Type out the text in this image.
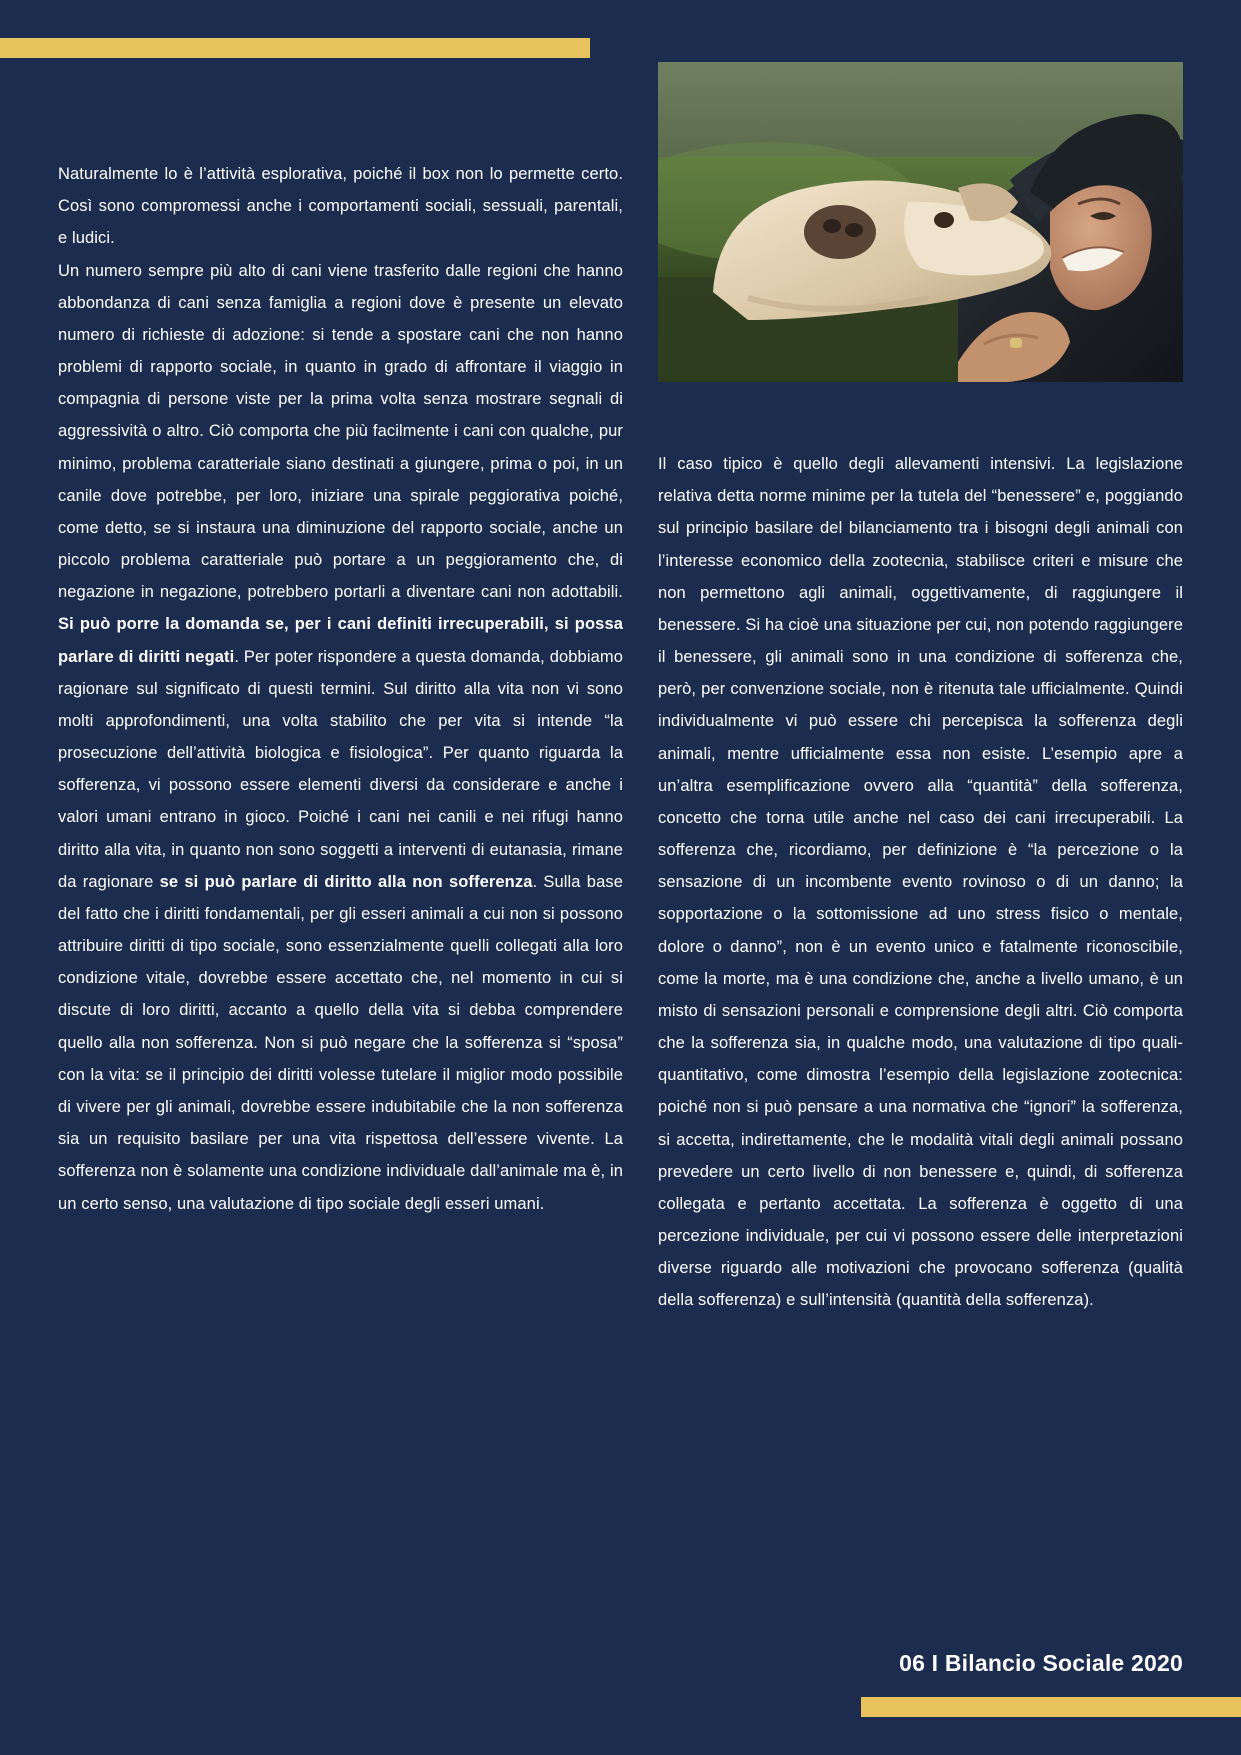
Naturalmente lo è l’attività esplorativa, poiché il box non lo permette certo. Così sono compromessi anche i comportamenti sociali, sessuali, parentali, e ludici.

Un numero sempre più alto di cani viene trasferito dalle regioni che hanno abbondanza di cani senza famiglia a regioni dove è presente un elevato numero di richieste di adozione: si tende a spostare cani che non hanno problemi di rapporto sociale, in quanto in grado di affrontare il viaggio in compagnia di persone viste per la prima volta senza mostrare segnali di aggressività o altro. Ciò comporta che più facilmente i cani con qualche, pur minimo, problema caratteriale siano destinati a giungere, prima o poi, in un canile dove potrebbe, per loro, iniziare una spirale peggiorativa poiché, come detto, se si instaura una diminuzione del rapporto sociale, anche un piccolo problema caratteriale può portare a un peggioramento che, di negazione in negazione, potrebbero portarli a diventare cani non adottabili. Si può porre la domanda se, per i cani definiti irrecuperabili, si possa parlare di diritti negati. Per poter rispondere a questa domanda, dobbiamo ragionare sul significato di questi termini. Sul diritto alla vita non vi sono molti approfondimenti, una volta stabilito che per vita si intende “la prosecuzione dell’attività biologica e fisiologica”. Per quanto riguarda la sofferenza, vi possono essere elementi diversi da considerare e anche i valori umani entrano in gioco. Poiché i cani nei canili e nei rifugi hanno diritto alla vita, in quanto non sono soggetti a interventi di eutanasia, rimane da ragionare se si può parlare di diritto alla non sofferenza. Sulla base del fatto che i diritti fondamentali, per gli esseri animali a cui non si possono attribuire diritti di tipo sociale, sono essenzialmente quelli collegati alla loro condizione vitale, dovrebbe essere accettato che, nel momento in cui si discute di loro diritti, accanto a quello della vita si debba comprendere quello alla non sofferenza. Non si può negare che la sofferenza si “sposa” con la vita: se il principio dei diritti volesse tutelare il miglior modo possibile di vivere per gli animali, dovrebbe essere indubitabile che la non sofferenza sia un requisito basilare per una vita rispettosa dell’essere vivente. La sofferenza non è solamente una condizione individuale dall’animale ma è, in un certo senso, una valutazione di tipo sociale degli esseri umani.

Il caso tipico è quello degli allevamenti intensivi. La legislazione relativa detta norme minime per la tutela del “benessere” e, poggiando sul principio basilare del bilanciamento tra i bisogni degli animali con l’interesse economico della zootecnia, stabilisce criteri e misure che non permettono agli animali, oggettivamente, di raggiungere il benessere. Si ha cioè una situazione per cui, non potendo raggiungere il benessere, gli animali sono in una condizione di sofferenza che, però, per convenzione sociale, non è ritenuta tale ufficialmente. Quindi individualmente vi può essere chi percepisca la sofferenza degli animali, mentre ufficialmente essa non esiste. L’esempio apre a un’altra esemplificazione ovvero alla “quantità” della sofferenza, concetto che torna utile anche nel caso dei cani irrecuperabili. La sofferenza che, ricordiamo, per definizione è “la percezione o la sensazione di un incombente evento rovinoso o di un danno; la sopportazione o la sottomissione ad uno stress fisico o mentale, dolore o danno”, non è un evento unico e fatalmente riconoscibile, come la morte, ma è una condizione che, anche a livello umano, è un misto di sensazioni personali e comprensione degli altri. Ciò comporta che la sofferenza sia, in qualche modo, una valutazione di tipo quali-quantitativo, come dimostra l’esempio della legislazione zootecnica: poiché non si può pensare a una normativa che “ignori” la sofferenza, si accetta, indirettamente, che le modalità vitali degli animali possano prevedere un certo livello di non benessere e, quindi, di sofferenza collegata e pertanto accettata. La sofferenza è oggetto di una percezione individuale, per cui vi possono essere delle interpretazioni diverse riguardo alle motivazioni che provocano sofferenza (qualità della sofferenza) e sull’intensità (quantità della sofferenza).

06 I Bilancio Sociale 2020
